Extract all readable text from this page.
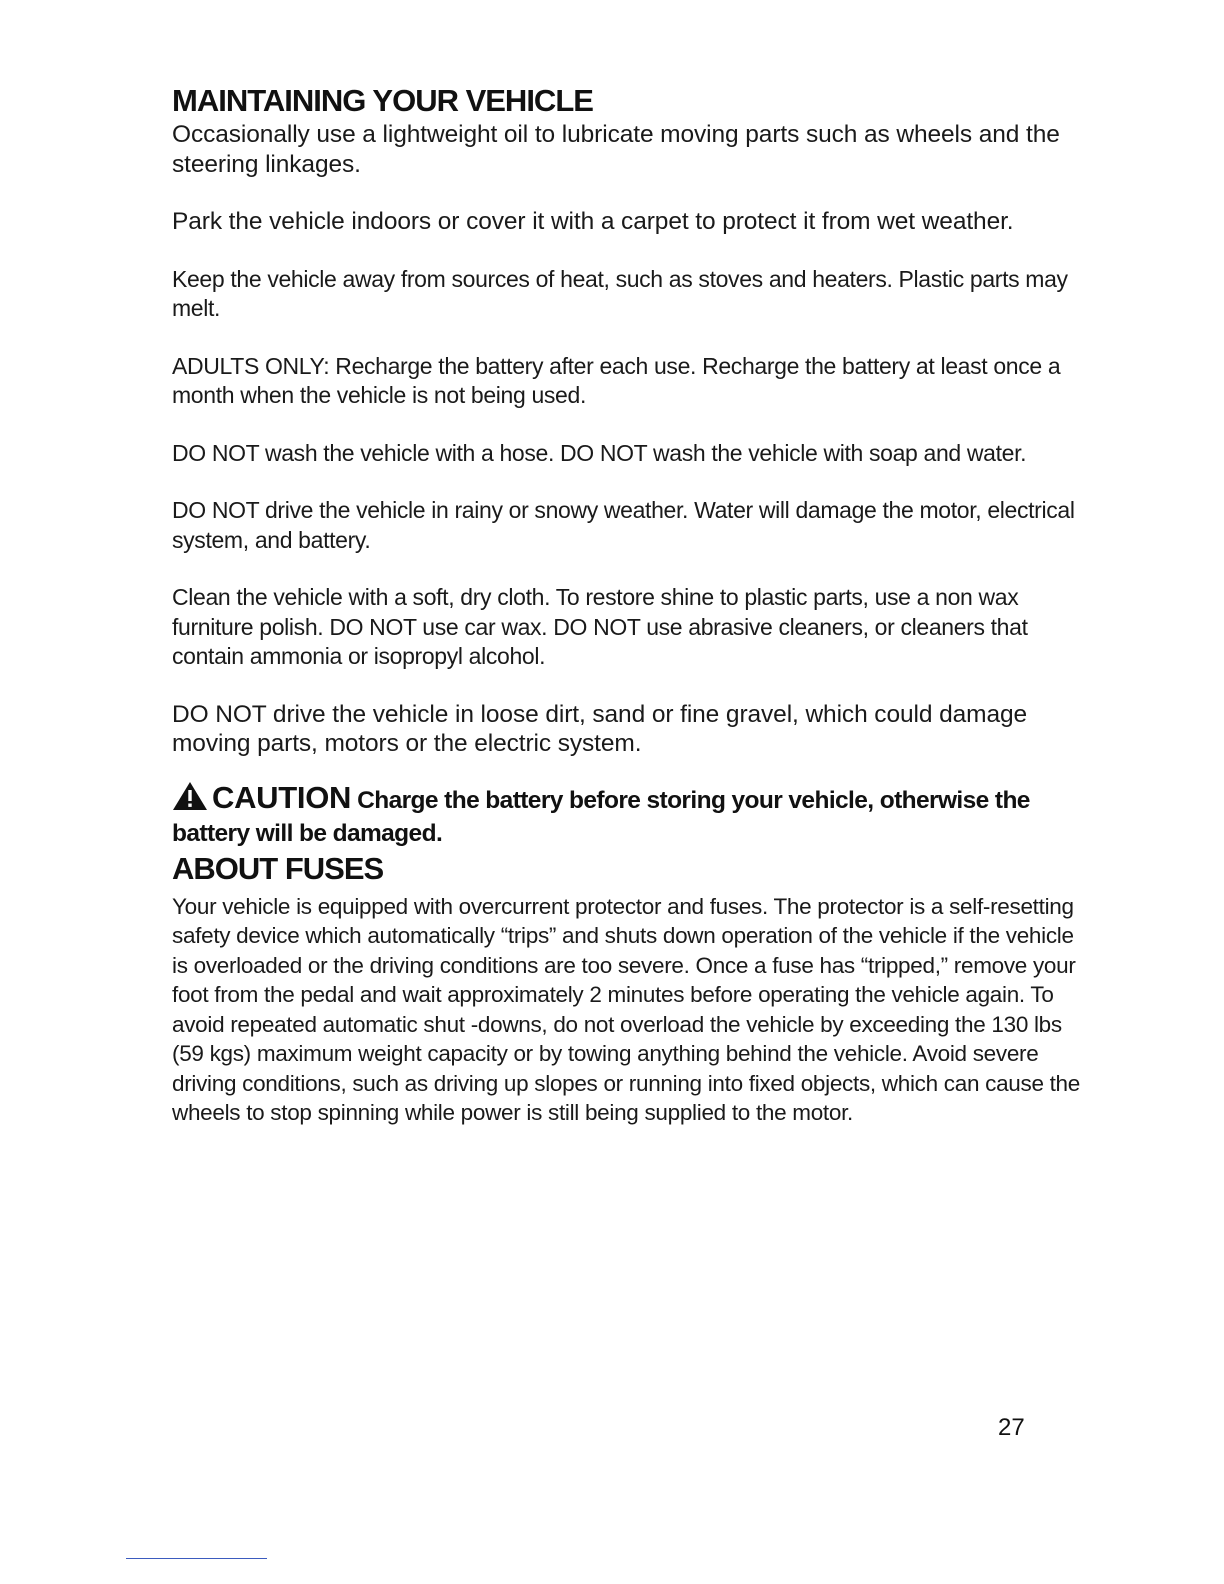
MAINTAINING YOUR VEHICLE

Occasionally use a lightweight oil to lubricate moving parts such as wheels and the steering linkages.

Park the vehicle indoors or cover it with a carpet to protect it from wet weather.

Keep the vehicle away from sources of heat, such as stoves and heaters. Plastic parts may melt.

ADULTS ONLY: Recharge the battery after each use. Recharge the battery at least once a month when the vehicle is not being used.

DO NOT wash the vehicle with a hose. DO NOT wash the vehicle with soap and water.

DO NOT drive the vehicle in rainy or snowy weather. Water will damage the motor, electrical system, and battery.

Clean the vehicle with a soft, dry cloth. To restore shine to plastic parts, use a non wax furniture polish. DO NOT use car wax. DO NOT use abrasive cleaners, or cleaners that contain ammonia or isopropyl alcohol.

DO NOT drive the vehicle in loose dirt, sand or fine gravel, which could damage moving parts, motors or the electric system.

CAUTION Charge the battery before storing your vehicle, otherwise the battery will be damaged.
ABOUT FUSES

Your vehicle is equipped with overcurrent protector and fuses. The protector is a self-resetting safety device which automatically “trips” and shuts down operation of the vehicle if the vehicle is overloaded or the driving conditions are too severe. Once a fuse has “tripped,” remove your foot from the pedal and wait approximately 2 minutes before operating the vehicle again. To avoid repeated automatic shut -downs, do not overload the vehicle by exceeding the 130 lbs (59 kgs) maximum weight capacity or by towing anything behind the vehicle. Avoid severe driving conditions, such as driving up slopes or running into fixed objects, which can cause the wheels to stop spinning while power is still being supplied to the motor.

27
